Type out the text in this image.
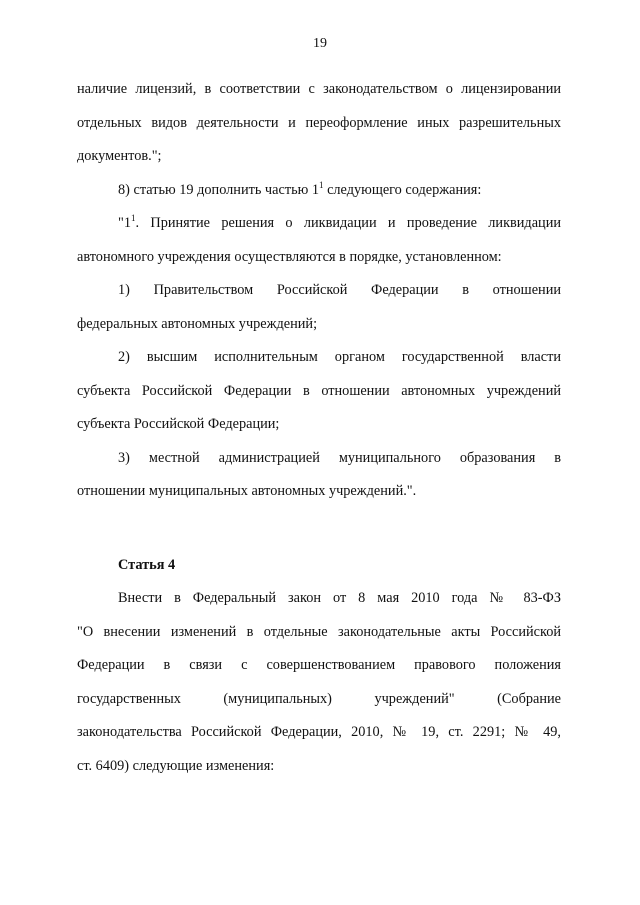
19
наличие лицензий, в соответствии с законодательством о лицензировании
отдельных видов деятельности и переоформление иных разрешительных
документов.";
8) статью 19 дополнить частью $1^1$ следующего содержания:
"$1^1$. Принятие решения о ликвидации и проведение ликвидации
автономного учреждения осуществляются в порядке, установленном:
1) Правительством Российской Федерации в отношении
федеральных автономных учреждений;
2) высшим исполнительным органом государственной власти
субъекта Российской Федерации в отношении автономных учреждений
субъекта Российской Федерации;
3) местной администрацией муниципального образования в
отношении муниципальных автономных учреждений.".
Статья 4
Внести в Федеральный закон от 8 мая 2010 года № 83-ФЗ
"О внесении изменений в отдельные законодательные акты Российской
Федерации в связи с совершенствованием правового положения
государственных (муниципальных) учреждений" (Собрание
законодательства Российской Федерации, 2010, № 19, ст. 2291; № 49,
ст. 6409) следующие изменения:
